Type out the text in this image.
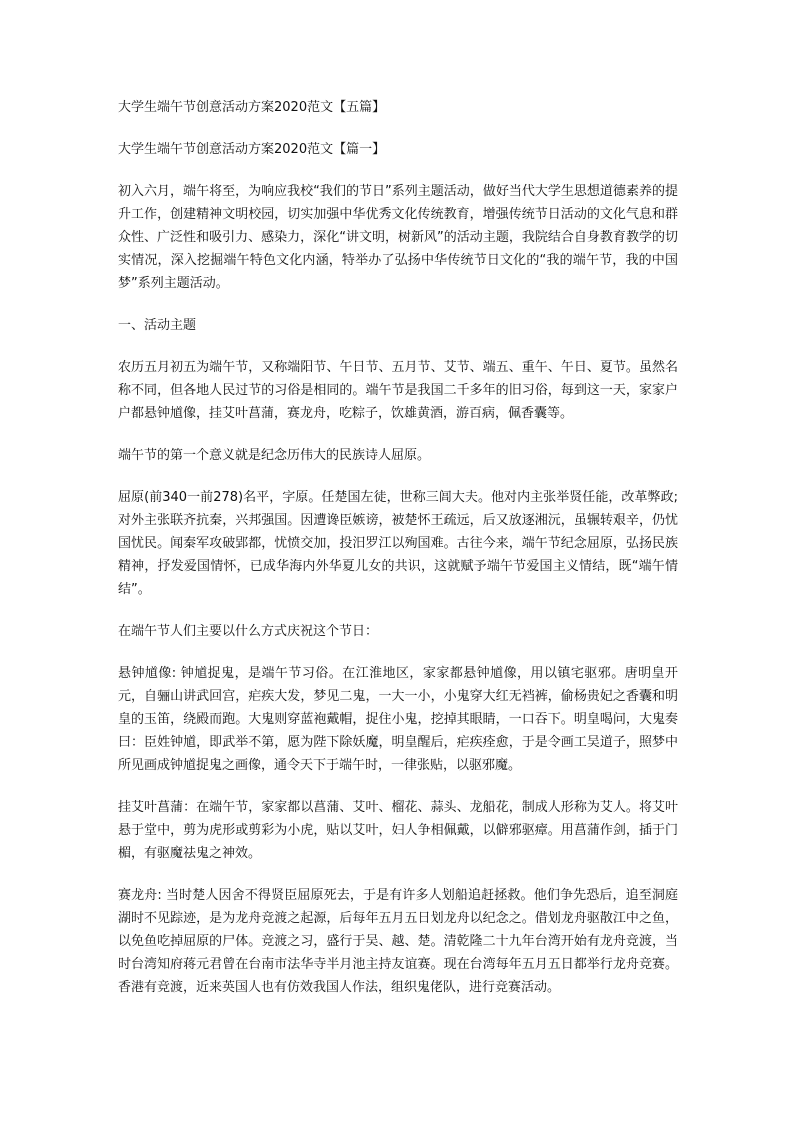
大学生端午节创意活动方案2020范文【五篇】
大学生端午节创意活动方案2020范文【篇一】

初入六月，端午将至，为响应我校“我们的节日”系列主题活动，做好当代大学生思想道德素养的提升工作，创建精神文明校园，切实加强中华优秀文化传统教育，增强传统节日活动的文化气息和群众性、广泛性和吸引力、感染力，深化“讲文明，树新风”的活动主题，我院结合自身教育教学的切实情况，深入挖掘端午特色文化内涵，特举办了弘扬中华传统节日文化的“我的端午节，我的中国梦”系列主题活动。

一、活动主题

农历五月初五为端午节，又称端阳节、午日节、五月节、艾节、端五、重午、午日、夏节。虽然名称不同，但各地人民过节的习俗是相同的。端午节是我国二千多年的旧习俗，每到这一天，家家户户都悬钟馗像，挂艾叶菖蒲，赛龙舟，吃粽子，饮雄黄酒，游百病，佩香囊等。

端午节的第一个意义就是纪念历伟大的民族诗人屈原。

屈原(前340一前278)名平，字原。任楚国左徒，世称三闾大夫。他对内主张举贤任能，改革弊政;对外主张联齐抗秦，兴邦强国。因遭谗臣嫉谤，被楚怀王疏远，后又放逐湘沅，虽辗转艰辛，仍忧国忧民。闻秦军攻破郢都，忧愤交加，投汨罗江以殉国难。古往今来，端午节纪念屈原，弘扬民族精神，抒发爱国情怀，已成华海内外华夏儿女的共识，这就赋予端午节爱国主义情结，既“端午情结”。

在端午节人们主要以什么方式庆祝这个节日：

悬钟馗像: 钟馗捉鬼，是端午节习俗。在江淮地区，家家都悬钟馗像，用以镇宅驱邪。唐明皇开元，自骊山讲武回宫，疟疾大发，梦见二鬼，一大一小，小鬼穿大红无裆裤，偷杨贵妃之香囊和明皇的玉笛，绕殿而跑。大鬼则穿蓝袍戴帽，捉住小鬼，挖掉其眼睛，一口吞下。明皇喝问，大鬼奏曰：臣姓钟馗，即武举不第，愿为陛下除妖魔，明皇醒后，疟疾痊愈，于是令画工吴道子，照梦中所见画成钟馗捉鬼之画像，通令天下于端午时，一律张贴，以驱邪魔。

挂艾叶菖蒲：在端午节，家家都以菖蒲、艾叶、榴花、蒜头、龙船花，制成人形称为艾人。将艾叶悬于堂中，剪为虎形或剪彩为小虎，贴以艾叶，妇人争相佩戴，以僻邪驱瘴。用菖蒲作剑，插于门楣，有驱魔祛鬼之神效。

赛龙舟: 当时楚人因舍不得贤臣屈原死去，于是有许多人划船追赶拯救。他们争先恐后，追至洞庭湖时不见踪迹，是为龙舟竞渡之起源，后每年五月五日划龙舟以纪念之。借划龙舟驱散江中之鱼，以免鱼吃掉屈原的尸体。竞渡之习，盛行于吴、越、楚。清乾隆二十九年台湾开始有龙舟竞渡，当时台湾知府蒋元君曾在台南市法华寺半月池主持友谊赛。现在台湾每年五月五日都举行龙舟竞赛。香港有竞渡，近来英国人也有仿效我国人作法，组织鬼佬队，进行竞赛活动。
